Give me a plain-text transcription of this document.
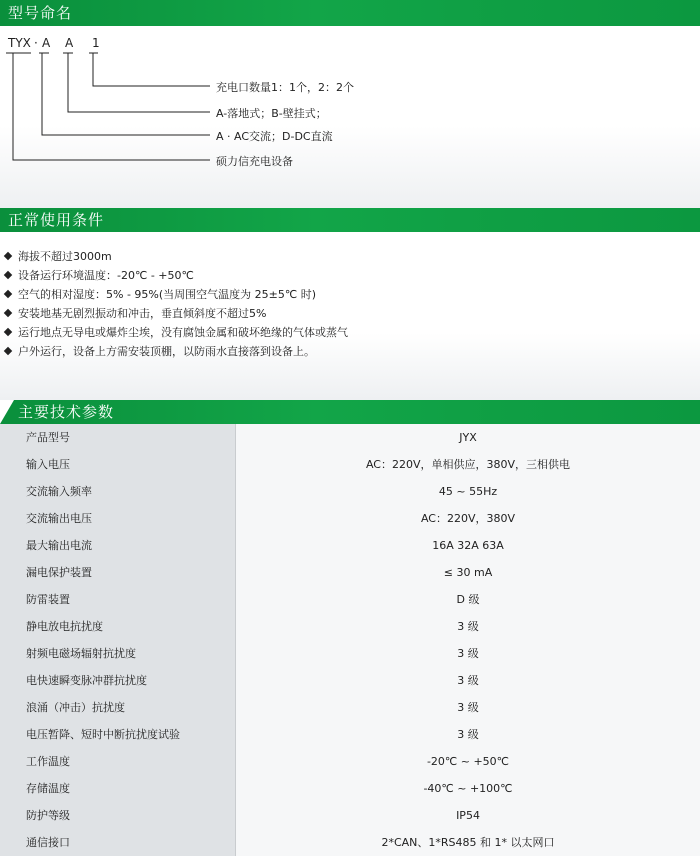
型号命名
TYX · A A 1
充电口数量1：1个，2：2个
A-落地式；B-壁挂式；
A · AC交流；D-DC直流
硕力信充电设备
正常使用条件
海拔不超过3000m
设备运行环境温度：-20℃ - +50℃
空气的相对湿度：5% - 95%(当周围空气温度为 25±5℃ 时)
安装地基无剧烈振动和冲击，垂直倾斜度不超过5%
运行地点无导电或爆炸尘埃，没有腐蚀金属和破坏绝缘的气体或蒸气
户外运行，设备上方需安装顶棚，以防雨水直接落到设备上。
主要技术参数
产品型号	JYX
输入电压	AC：220V，单相供应，380V，三相供电
交流输入频率	45 ~ 55Hz
交流输出电压	AC：220V，380V
最大输出电流	16A 32A 63A
漏电保护装置	≤ 30 mA
防雷装置	D 级
静电放电抗扰度	3 级
射频电磁场辐射抗扰度	3 级
电快速瞬变脉冲群抗扰度	3 级
浪涌（冲击）抗扰度	3 级
电压暂降、短时中断抗扰度试验	3 级
工作温度	-20℃ ~ +50℃
存储温度	-40℃ ~ +100℃
防护等级	IP54
通信接口	2*CAN、1*RS485 和 1* 以太网口
